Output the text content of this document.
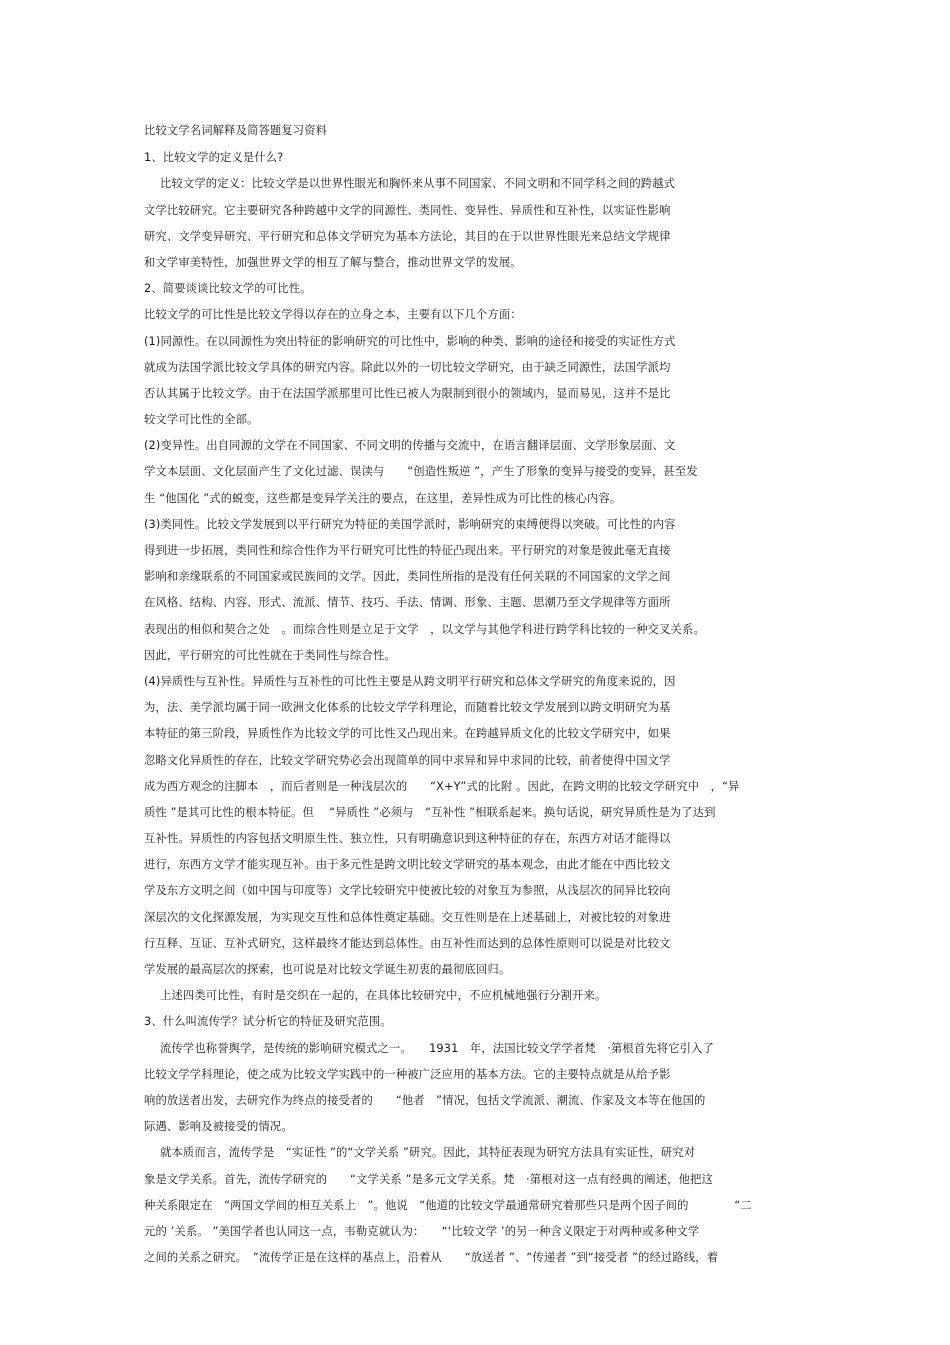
比较文学名词解释及简答题复习资料
1、比较文学的定义是什么?
比较文学的定义：比较文学是以世界性眼光和胸怀来从事不同国家、不同文明和不同学科之间的跨越式
文学比较研究。它主要研究各种跨越中文学的同源性、类同性、变异性、异质性和互补性，以实证性影响
研究、文学变异研究、平行研究和总体文学研究为基本方法论，其目的在于以世界性眼光来总结文学规律
和文学审美特性，加强世界文学的相互了解与整合，推动世界文学的发展。
2、简要谈谈比较文学的可比性。
比较文学的可比性是比较文学得以存在的立身之本，主要有以下几个方面：
(1)同源性。在以同源性为突出特征的影响研究的可比性中，影响的种类、影响的途径和接受的实证性方式
就成为法国学派比较文学具体的研究内容。除此以外的一切比较文学研究，由于缺乏同源性，法国学派均
否认其属于比较文学。由于在法国学派那里可比性已被人为限制到很小的领域内，显而易见，这并不是比
较文学可比性的全部。
(2)变异性。出自同源的文学在不同国家、不同文明的传播与交流中，在语言翻译层面、文学形象层面、文
学文本层面、文化层面产生了文化过滤、误读与　　“创造性叛逆 ”，产生了形象的变异与接受的变异，甚至发
生 “他国化 ”式的蜕变，这些都是变异学关注的要点，在这里，差异性成为可比性的核心内容。
(3)类同性。比较文学发展到以平行研究为特征的美国学派时，影响研究的束缚便得以突破。可比性的内容
得到进一步拓展，类同性和综合性作为平行研究可比性的特征凸现出来。平行研究的对象是彼此毫无直接
影响和亲缘联系的不同国家或民族间的文学。因此，类同性所指的是没有任何关联的不同国家的文学之间
在风格、结构、内容、形式、流派、情节、技巧、手法、情调、形象、主题、思潮乃至文学规律等方面所
表现出的相似和契合之处　。而综合性则是立足于文学　，以文学与其他学科进行跨学科比较的一种交叉关系。
因此，平行研究的可比性就在于类同性与综合性。
(4)异质性与互补性。异质性与互补性的可比性主要是从跨文明平行研究和总体文学研究的角度来说的，因
为，法、美学派均属于同一欧洲文化体系的比较文学学科理论，而随着比较文学发展到以跨文明研究为基
本特征的第三阶段，异质性作为比较文学的可比性又凸现出来。在跨越异质文化的比较文学研究中，如果
忽略文化异质性的存在，比较文学研究势必会出现简单的同中求异和异中求同的比较，前者使得中国文学
成为西方观念的注脚本　，而后者则是一种浅层次的　　“X+Y”式的比附 。因此，在跨文明的比较文学研究中　，“异
质性 ”是其可比性的根本特征。但　 “异质性 ”必须与　“互补性 ”相联系起来。换句话说，研究异质性是为了达到
互补性。异质性的内容包括文明原生性、独立性，只有明确意识到这种特征的存在，东西方对话才能得以
进行，东西方文学才能实现互补。由于多元性是跨文明比较文学研究的基本观念，由此才能在中西比较文
学及东方文明之间（如中国与印度等）文学比较研究中使被比较的对象互为参照，从浅层次的同异比较向
深层次的文化探源发展，为实现交互性和总体性奠定基础。交互性则是在上述基础上，对被比较的对象进
行互释、互证、互补式研究，这样最终才能达到总体性。由互补性而达到的总体性原则可以说是对比较文
学发展的最高层次的探索，也可说是对比较文学诞生初衷的最彻底回归。
上述四类可比性，有时是交织在一起的，在具体比较研究中，不应机械地强行分割开来。
3、什么叫流传学？试分析它的特征及研究范围。
流传学也称誉舆学，是传统的影响研究模式之一。　　1931　年，法国比较文学学者梵　·第根首先将它引入了
比较文学学科理论，使之成为比较文学实践中的一种被广泛应用的基本方法。它的主要特点就是从给予影
响的放送者出发，去研究作为终点的接受者的　　“他者　”情况，包括文学流派、潮流、作家及文本等在他国的
际遇、影响及被接受的情况。
就本质而言，流传学是　“实证性 ”的“文学关系 ”研究。因此，其特征表现为研究方法具有实证性，研究对
象是文学关系。首先，流传学研究的　　“文学关系 ”是多元文学关系。梵　·第根对这一点有经典的阐述，他把这
种关系限定在　“两国文学间的相互关系上　”。他说　“他道的比较文学最通常研究着那些只是两个因子间的　　　　“二
元的 ’关系。 ”美国学者也认同这一点，韦勒克就认为：　　“‘比较文学 ’的另一种含义限定于对两种或多种文学
之间的关系之研究。　”流传学正是在这样的基点上，沿着从　　“放送者 ”、“传递者 ”到“接受者 ”的经过路线，着
